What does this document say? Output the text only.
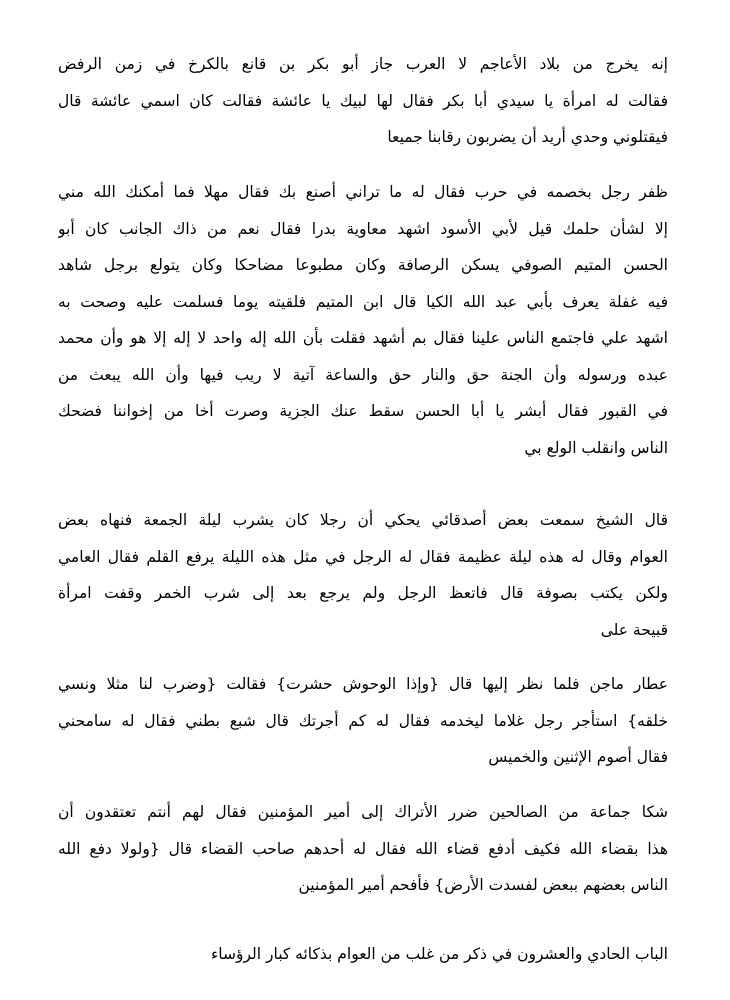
إنه يخرج من بلاد الأعاجم لا العرب جاز أبو بكر بن قانع بالكرخ في زمن الرفض
فقالت له امرأة يا سيدي أبا بكر فقال لها لبيك يا عائشة فقالت كان اسمي عائشة قال
فيقتلوني وحدي أريد أن يضربون رقابنا جميعا
ظفر رجل بخصمه في حرب فقال له ما تراني أصنع بك فقال مهلا فما أمكنك الله مني
إلا لشأن حلمك قيل لأبي الأسود اشهد معاوية بدرا فقال نعم من ذاك الجانب كان أبو
الحسن المتيم الصوفي يسكن الرصافة وكان مطبوعا مضاحكا وكان يتولع برجل شاهد
فيه غفلة يعرف بأبي عبد الله الكيا قال ابن المتيم فلقيته يوما فسلمت عليه وصحت به
اشهد علي فاجتمع الناس علينا فقال بم أشهد فقلت بأن الله إله واحد لا إله إلا هو وأن محمد
عبده ورسوله وأن الجنة حق والنار حق والساعة آتية لا ريب فيها وأن الله يبعث من
في القبور فقال أبشر يا أبا الحسن سقط عنك الجزية وصرت أخا من إخواننا فضحك
الناس وانقلب الولع بي
قال الشيخ سمعت بعض أصدقائي يحكي أن رجلا كان يشرب ليلة الجمعة فنهاه بعض
العوام وقال له هذه ليلة عظيمة فقال له الرجل في مثل هذه الليلة يرفع القلم فقال العامي
ولكن يكتب بصوفة قال فاتعظ الرجل ولم يرجع بعد إلى شرب الخمر وقفت امرأة
قبيحة على
عطار ماجن فلما نظر إليها قال {وإذا الوحوش حشرت} فقالت {وضرب لنا مثلا ونسي
خلقه} استأجر رجل غلاما ليخدمه فقال له كم أجرتك قال شبع بطني فقال له سامحني
فقال أصوم الإثنين والخميس
شكا جماعة من الصالحين ضرر الأتراك إلى أمير المؤمنين فقال لهم أنتم تعتقدون أن
هذا بقضاء الله فكيف أدفع قضاء الله فقال له أحدهم صاحب القضاء قال {ولولا دفع الله
الناس بعضهم ببعض لفسدت الأرض} فأفحم أمير المؤمنين
الباب الحادي والعشرون في ذكر من غلب من العوام بذكائه كبار الرؤساء
